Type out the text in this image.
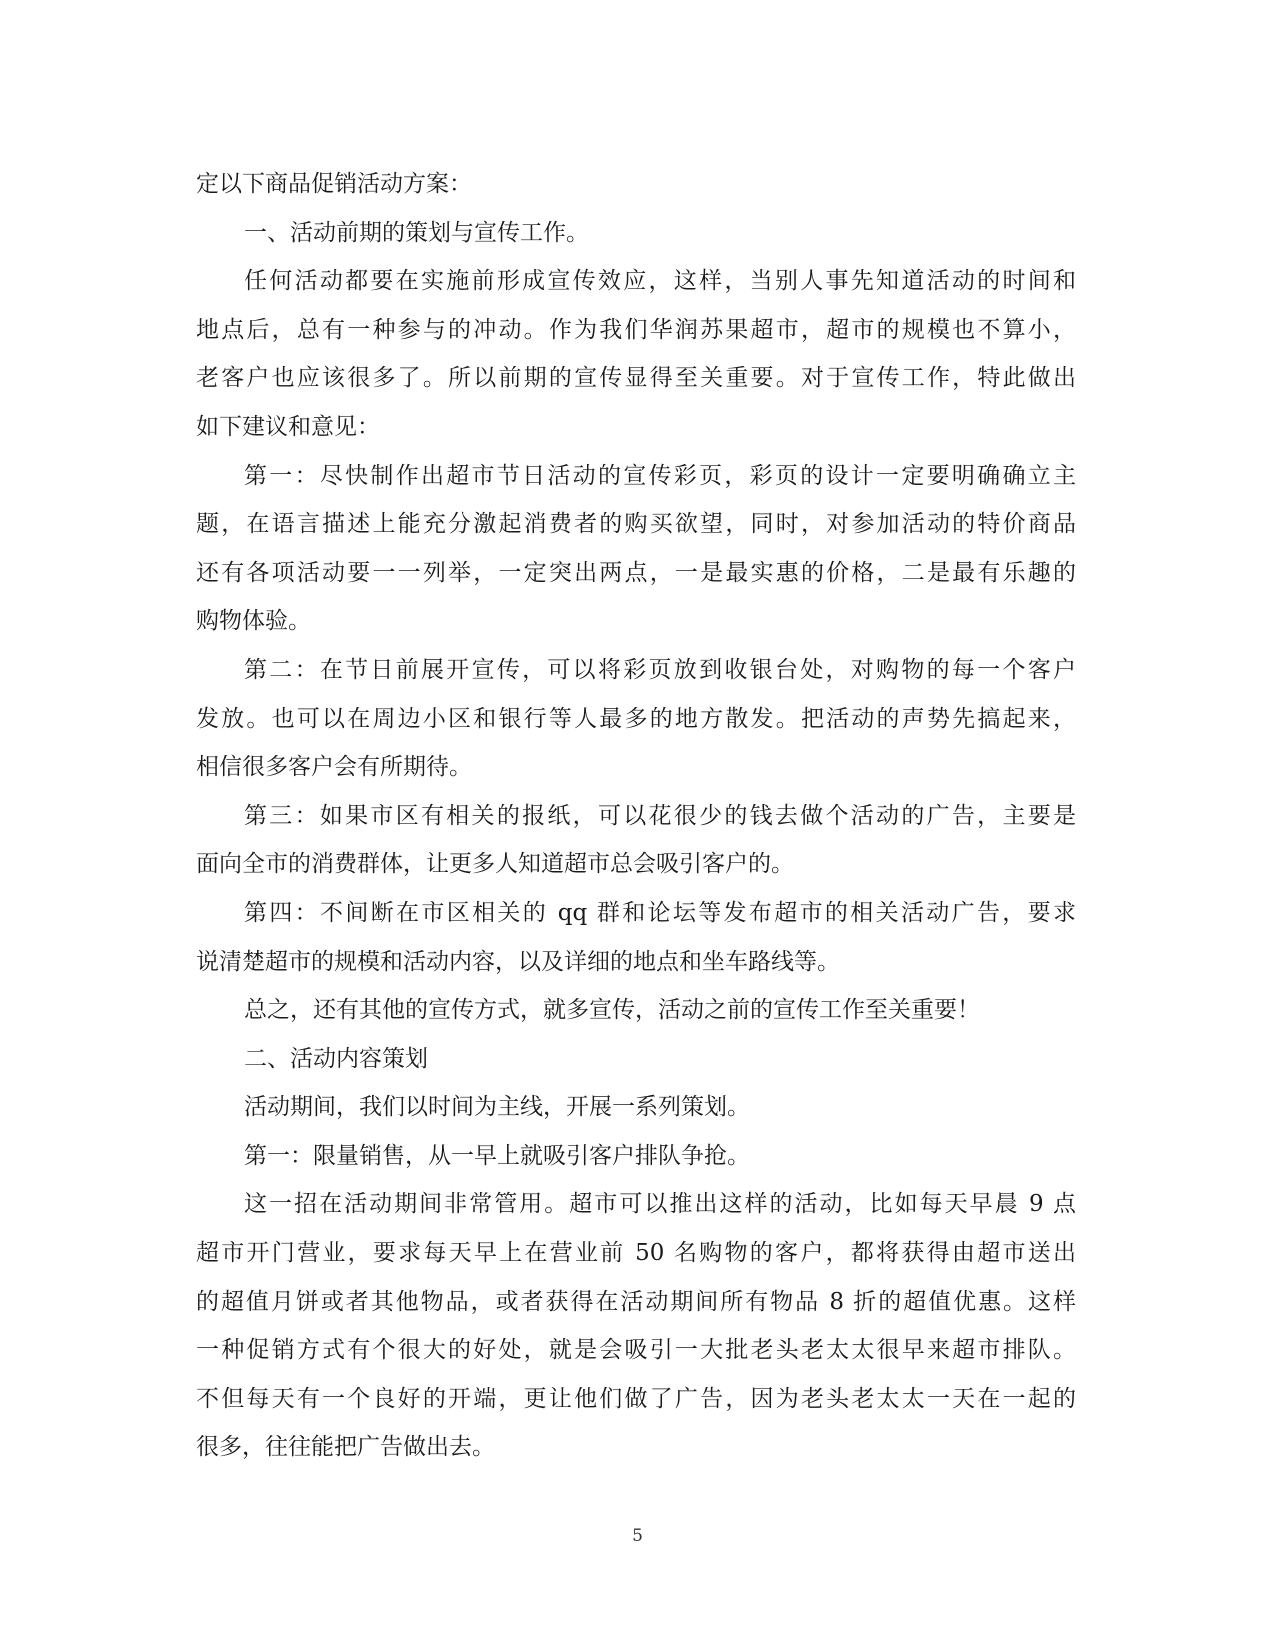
定以下商品促销活动方案：
一、活动前期的策划与宣传工作。
任何活动都要在实施前形成宣传效应，这样，当别人事先知道活动的时间和
地点后，总有一种参与的冲动。作为我们华润苏果超市，超市的规模也不算小，
老客户也应该很多了。所以前期的宣传显得至关重要。对于宣传工作，特此做出
如下建议和意见：
第一：尽快制作出超市节日活动的宣传彩页，彩页的设计一定要明确确立主
题，在语言描述上能充分激起消费者的购买欲望，同时，对参加活动的特价商品
还有各项活动要一一列举，一定突出两点，一是最实惠的价格，二是最有乐趣的
购物体验。
第二：在节日前展开宣传，可以将彩页放到收银台处，对购物的每一个客户
发放。也可以在周边小区和银行等人最多的地方散发。把活动的声势先搞起来，
相信很多客户会有所期待。
第三：如果市区有相关的报纸，可以花很少的钱去做个活动的广告，主要是
面向全市的消费群体，让更多人知道超市总会吸引客户的。
第四：不间断在市区相关的 qq 群和论坛等发布超市的相关活动广告，要求
说清楚超市的规模和活动内容，以及详细的地点和坐车路线等。
总之，还有其他的宣传方式，就多宣传，活动之前的宣传工作至关重要！
二、活动内容策划
活动期间，我们以时间为主线，开展一系列策划。
第一：限量销售，从一早上就吸引客户排队争抢。
这一招在活动期间非常管用。超市可以推出这样的活动，比如每天早晨 9 点
超市开门营业，要求每天早上在营业前 50 名购物的客户，都将获得由超市送出
的超值月饼或者其他物品，或者获得在活动期间所有物品 8 折的超值优惠。这样
一种促销方式有个很大的好处，就是会吸引一大批老头老太太很早来超市排队。
不但每天有一个良好的开端，更让他们做了广告，因为老头老太太一天在一起的
很多，往往能把广告做出去。
5
